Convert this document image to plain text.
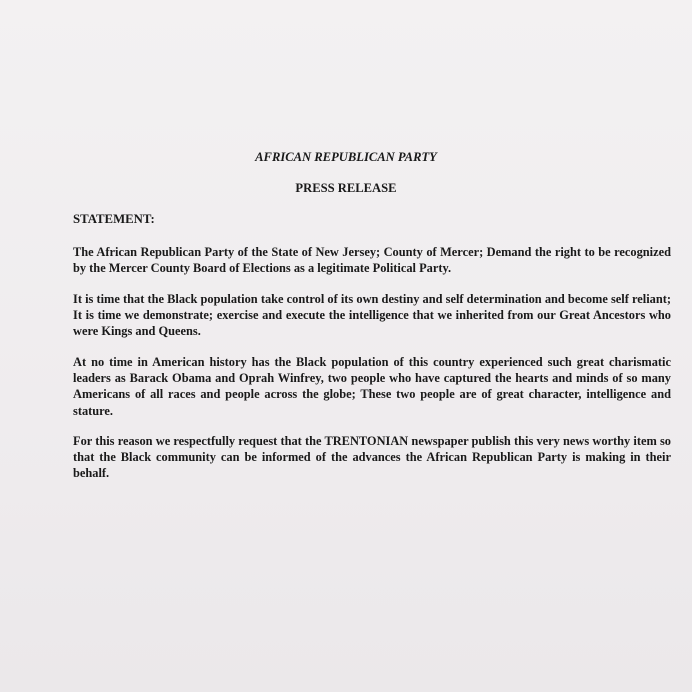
AFRICAN REPUBLICAN PARTY

PRESS RELEASE

STATEMENT:

The African Republican Party of the State of New Jersey; County of Mercer; Demand the right to be recognized by the Mercer County Board of Elections as a legitimate Political Party.

It is time that the Black population take control of its own destiny and self determination and become self reliant; It is time we demonstrate; exercise and execute the intelligence that we inherited from our Great Ancestors who were Kings and Queens.

At no time in American history has the Black population of this country experienced such great charismatic leaders as Barack Obama and Oprah Winfrey, two people who have captured the hearts and minds of so many Americans of all races and people across the globe; These two people are of great character, intelligence and stature.

For this reason we respectfully request that the TRENTONIAN newspaper publish this very news worthy item so that the Black community can be informed of the advances the African Republican Party is making in their behalf.
